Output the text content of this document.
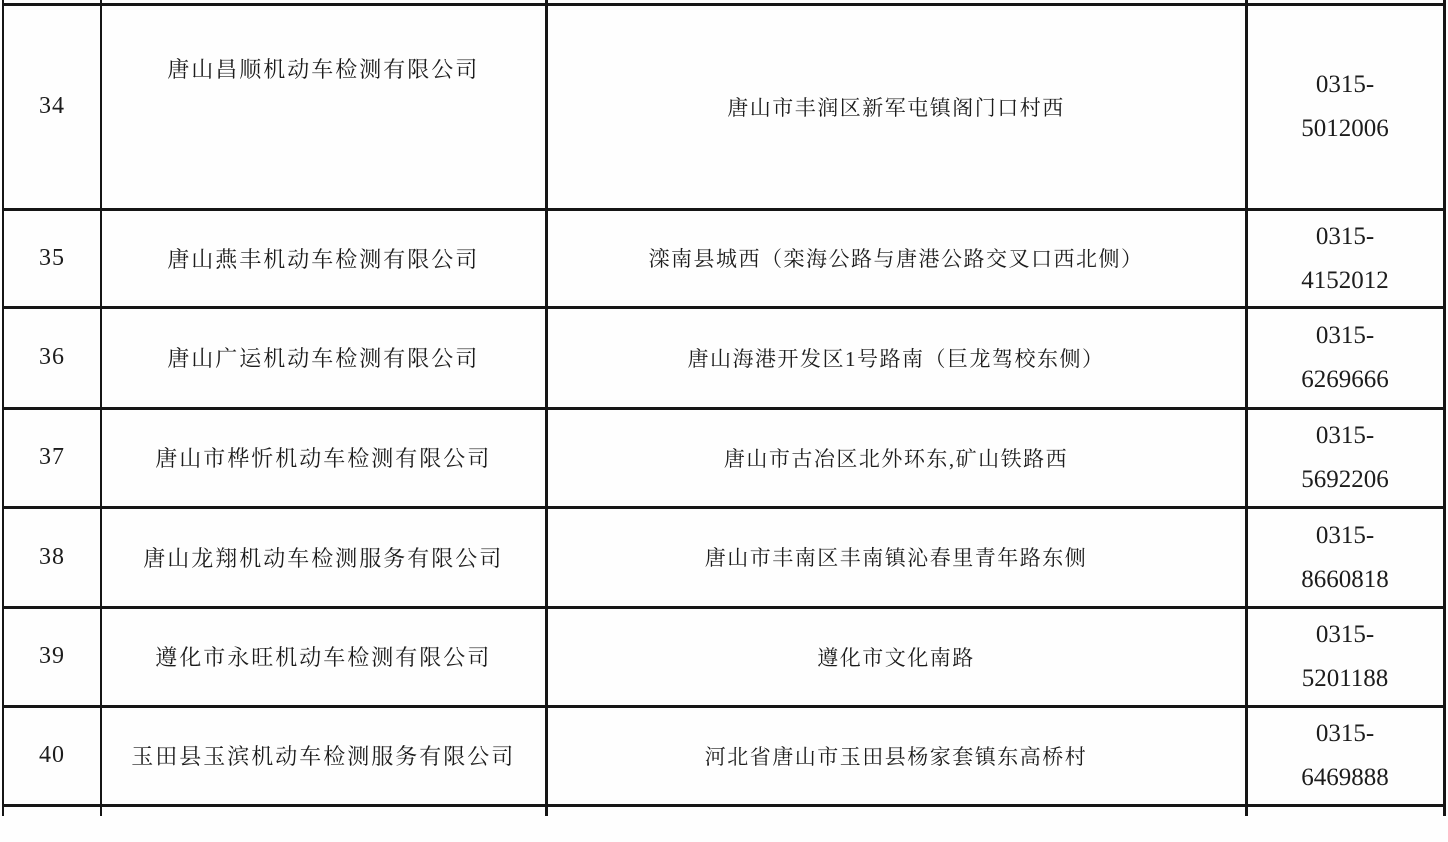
34	唐山昌顺机动车检测有限公司	唐山市丰润区新军屯镇阁门口村西	0315-
5012006

35	唐山燕丰机动车检测有限公司	滦南县城西（栾海公路与唐港公路交叉口西北侧）	0315-
4152012

36	唐山广运机动车检测有限公司	唐山海港开发区1号路南（巨龙驾校东侧）	0315-
6269666

37	唐山市桦忻机动车检测有限公司	唐山市古冶区北外环东,矿山铁路西	0315-
5692206

38	唐山龙翔机动车检测服务有限公司	唐山市丰南区丰南镇沁春里青年路东侧	0315-
8660818

39	遵化市永旺机动车检测有限公司	遵化市文化南路	0315-
5201188

40	玉田县玉滨机动车检测服务有限公司	河北省唐山市玉田县杨家套镇东高桥村	0315-
6469888
